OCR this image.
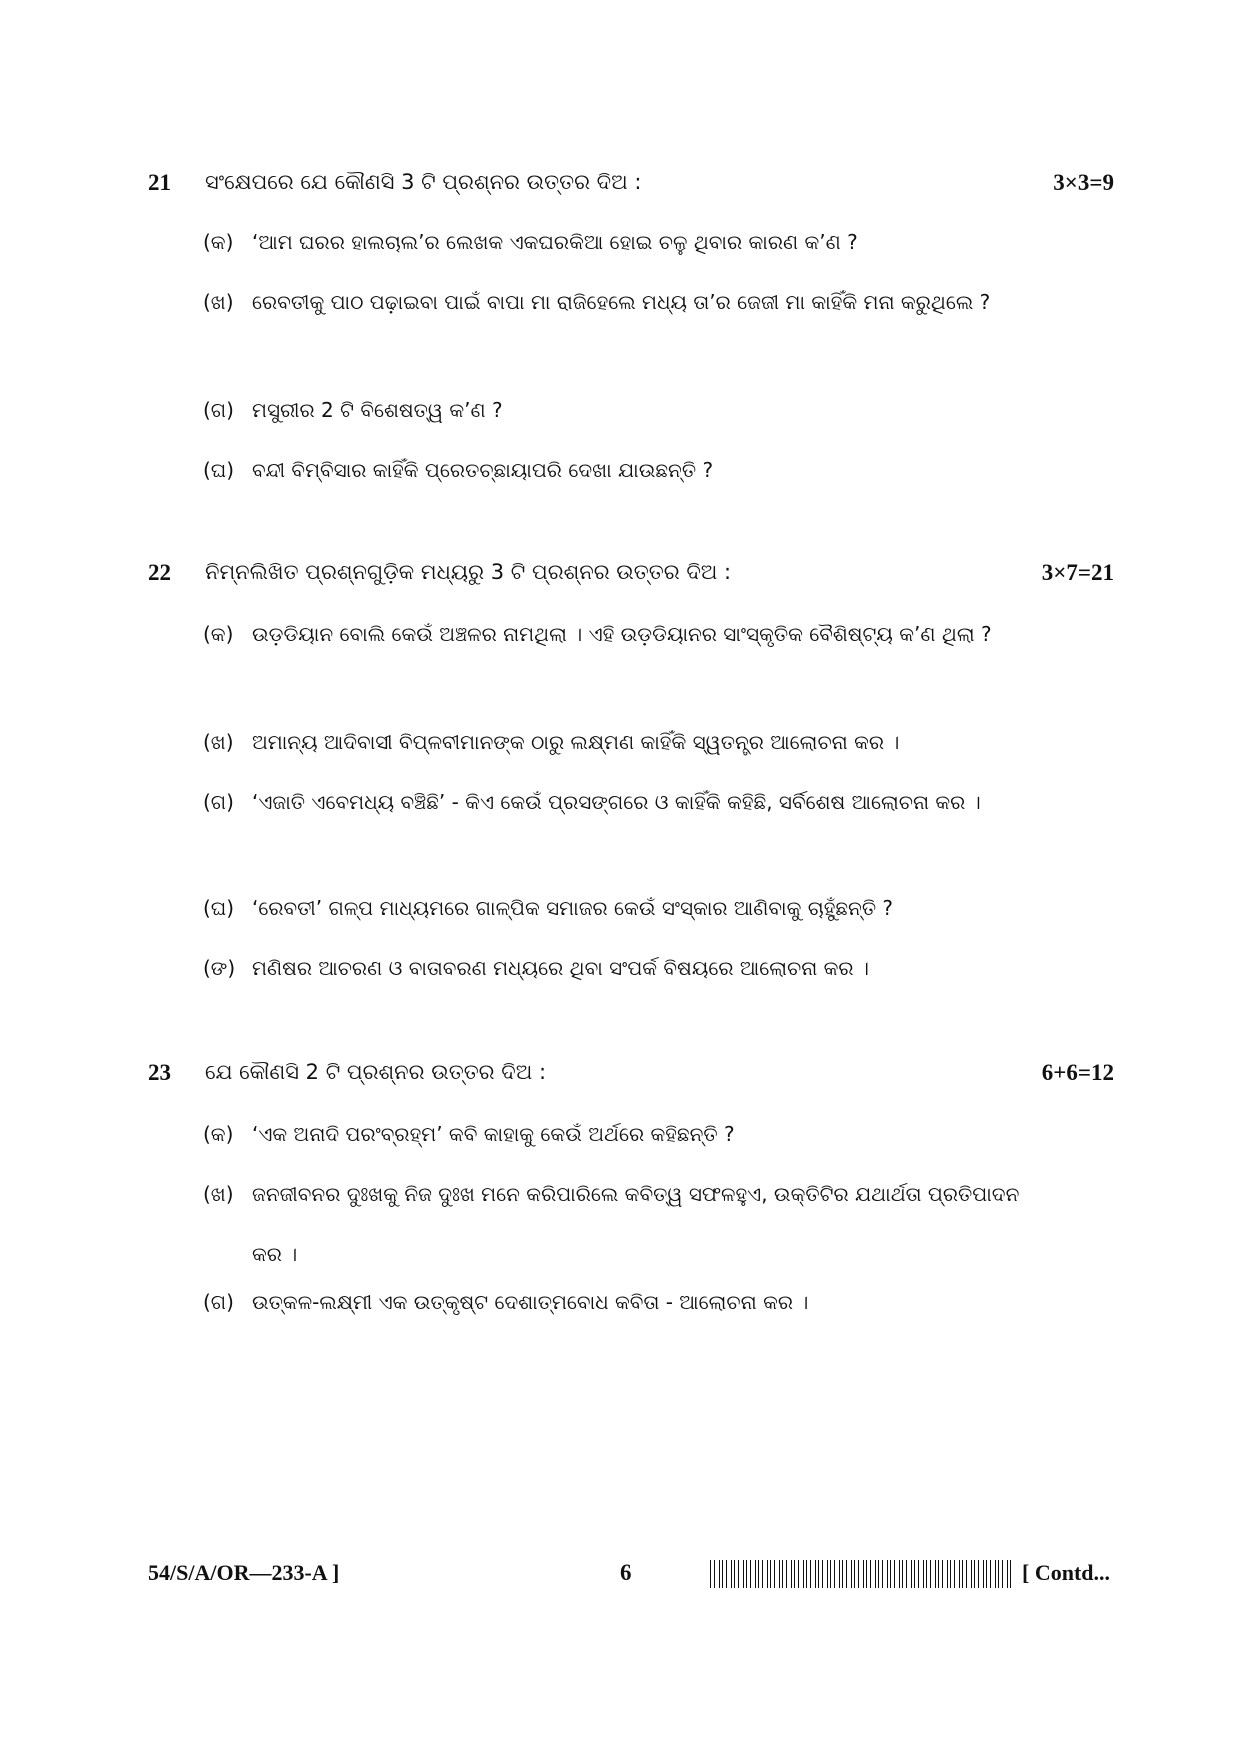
21 ସଂକ୍ଷେପରେ ଯେ କୌଣସି 3 ଟି ପ୍ରଶ୍ନର ଉତ୍ତର ଦିଅ :	3×3=9
(କ) ‘ଆମ ଘରର ହାଲଚାଲ’ର ଲେଖକ ଏକଘରକିଆ ହୋଇ ଚଳୁ ଥିବାର କାରଣ କ’ଣ ?
(ଖ) ରେବତୀକୁ ପାଠ ପଢ଼ାଇବା ପାଇଁ ବାପା ମା ରାଜିହେଲେ ମଧ୍ୟ ତା’ର ଜେଜୀ ମା କାହିଁକି ମନା କରୁଥିଲେ ?
(ଗ) ମସୁରୀର 2 ଟି ବିଶେଷତ୍ୱ କ’ଣ ?
(ଘ) ବନ୍ଦୀ ବିମ୍ବିସାର କାହିଁକି ପ୍ରେତଚ୍ଛାୟାପରି ଦେଖା ଯାଉଛନ୍ତି ?
22 ନିମ୍ନଲିଖିତ ପ୍ରଶ୍ନଗୁଡ଼ିକ ମଧ୍ୟରୁ 3 ଟି ପ୍ରଶ୍ନର ଉତ୍ତର ଦିଅ :	3×7=21
(କ) ଉଡ଼ଡିୟାନ ବୋଲି କେଉଁ ଅଞ୍ଚଳର ନାମଥିଲା । ଏହି ଉଡ଼ଡିୟାନର ସାଂସ୍କୃତିକ ବୈଶିଷ୍ଟ୍ୟ କ’ଣ ଥିଲା ?
(ଖ) ଅମାନ୍ୟ ଆଦିବାସୀ ବିପ୍ଳବୀମାନଙ୍କ ଠାରୁ ଲକ୍ଷ୍ମଣ କାହିଁକି ସ୍ୱତନ୍ତ୍ର ଆଲୋଚନା କର ।
(ଗ) ‘ଏଜାତି ଏବେମଧ୍ୟ ବଞ୍ଚିଛି’ - କିଏ କେଉଁ ପ୍ରସଙ୍ଗରେ ଓ କାହିଁକି କହିଛି, ସର୍ବିଶେଷ ଆଲୋଚନା କର ।
(ଘ) ‘ରେବତୀ’ ଗଳ୍ପ ମାଧ୍ୟମରେ ଗାଳ୍ପିକ ସମାଜର କେଉଁ ସଂସ୍କାର ଆଣିବାକୁ ଚାହୁଁଛନ୍ତି ?
(ଙ) ମଣିଷର ଆଚରଣ ଓ ବାତାବରଣ ମଧ୍ୟରେ ଥିବା ସଂପର୍କ ବିଷୟରେ ଆଲୋଚନା କର ।
23 ଯେ କୌଣସି 2 ଟି ପ୍ରଶ୍ନର ଉତ୍ତର ଦିଅ :	6+6=12
(କ) ‘ଏକ ଅନାଦି ପରଂବ୍ରହ୍ମ’ କବି କାହାକୁ କେଉଁ ଅର୍ଥରେ କହିଛନ୍ତି ?
(ଖ) ଜନଜୀବନର ଦୁଃଖକୁ ନିଜ ଦୁଃଖ ମନେ କରିପାରିଲେ କବିତ୍ୱ ସଫଳହୁଏ, ଉକ୍ତିଟିର ଯଥାର୍ଥତା ପ୍ରତିପାଦନ କର ।
(ଗ) ଉତ୍କଳ-ଲକ୍ଷ୍ମୀ ଏକ ଉତ୍କୃଷ୍ଟ ଦେଶାତ୍ମବୋଧ କବିତା - ଆଲୋଚନା କର ।
54/S/A/OR—233-A ]	6	[ Contd...
